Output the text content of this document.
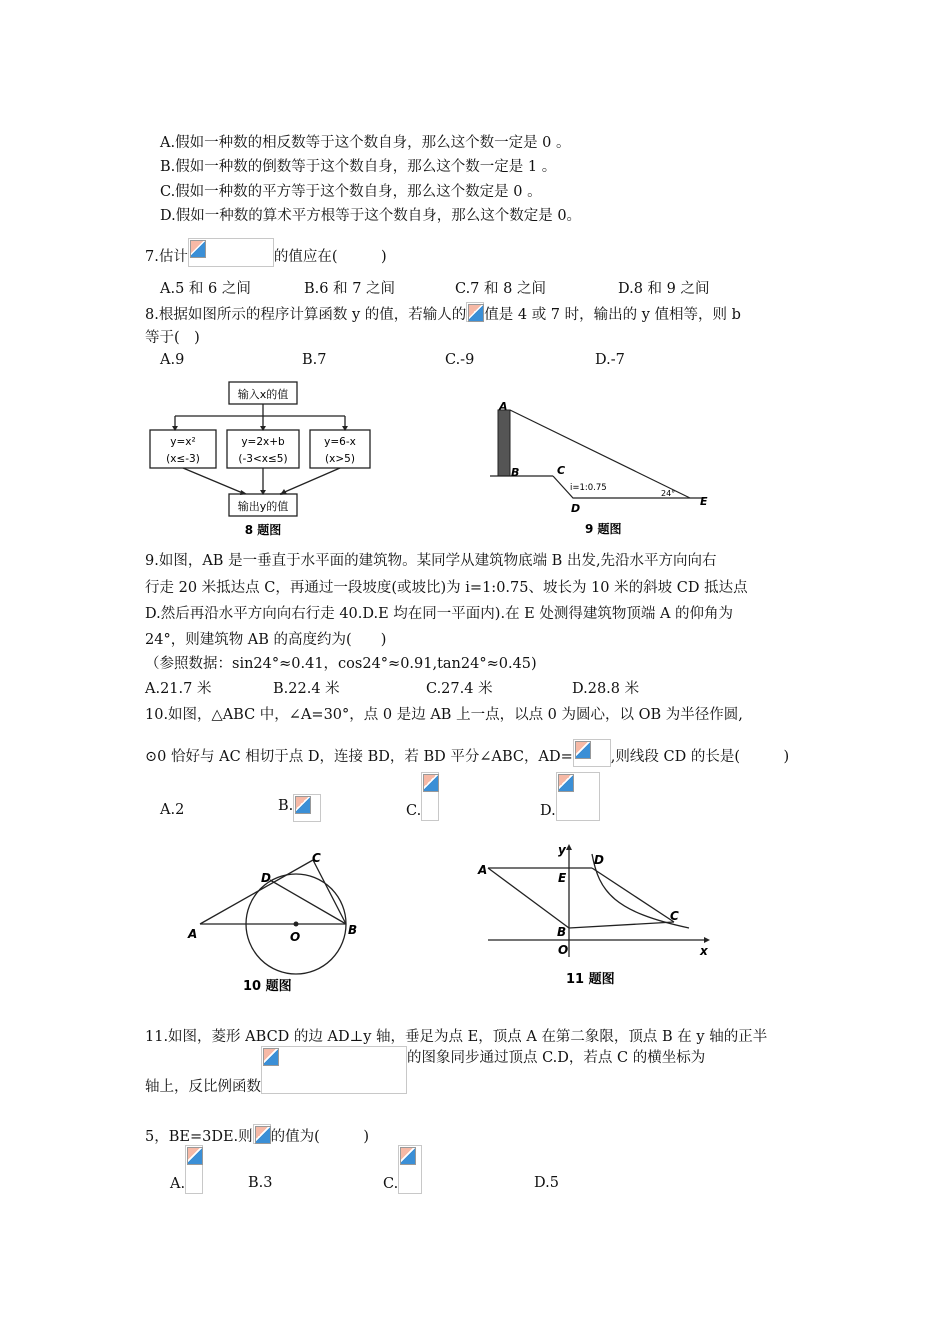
A.假如一种数的相反数等于这个数自身，那么这个数一定是 0 。
B.假如一种数的倒数等于这个数自身，那么这个数一定是 1 。
C.假如一种数的平方等于这个数自身，那么这个数定是 0 。
D.假如一种数的算术平方根等于这个数自身，那么这个数定是 0。
7.估计	的值应在(　　　)
A.5 和 6 之间	B.6 和 7 之间	C.7 和 8 之间	D.8 和 9 之间
8.根据如图所示的程序计算函数 y 的值，若输人的 值是 4 或 7 时，输出的 y 值相等，则 b
等于(　)
A.9	B.7	C.-9	D.-7
输入x的值
y=x²
(x≤-3)
y=2x+b
(-3<x≤5)
y=6-x
(x>5)
输出y的值
8 题图
A
B	C
D
E
i=1:0.75
24°
9 题图
9.如图，AB 是一垂直于水平面的建筑物。某同学从建筑物底端 B 出发,先沿水平方向向右
行走 20 米抵达点 C，再通过一段坡度(或坡比)为 i=1:0.75、坡长为 10 米的斜坡 CD 抵达点
D.然后再沿水平方向向右行走 40.D.E 均在同一平面内).在 E 处测得建筑物顶端 A 的仰角为
24°，则建筑物 AB 的高度约为(　　)
（参照数据：sin24°≈0.41，cos24°≈0.91,tan24°≈0.45)
A.21.7 米	B.22.4 米	C.27.4 米	D.28.8 米
10.如图，△ABC 中，∠A=30°，点 0 是边 AB 上一点，以点 0 为圆心，以 OB 为半径作圆,
⊙0 恰好与 AC 相切于点 D，连接 BD，若 BD 平分∠ABC，AD=	,则线段 CD 的长是(　　　)
A.2	B.	C.	D.
A	B
C
D
O
10 题图
A
B
C
D
E
O	x
y
11 题图
11.如图，菱形 ABCD 的边 AD⊥y 轴，垂足为点 E，顶点 A 在第二象限，顶点 B 在 y 轴的正半
轴上，反比例函数的图象同步通过顶点 C.D，若点 C 的横坐标为
5，BE=3DE.则 的值为(　　　)
A.	B.3	C.	D.5
